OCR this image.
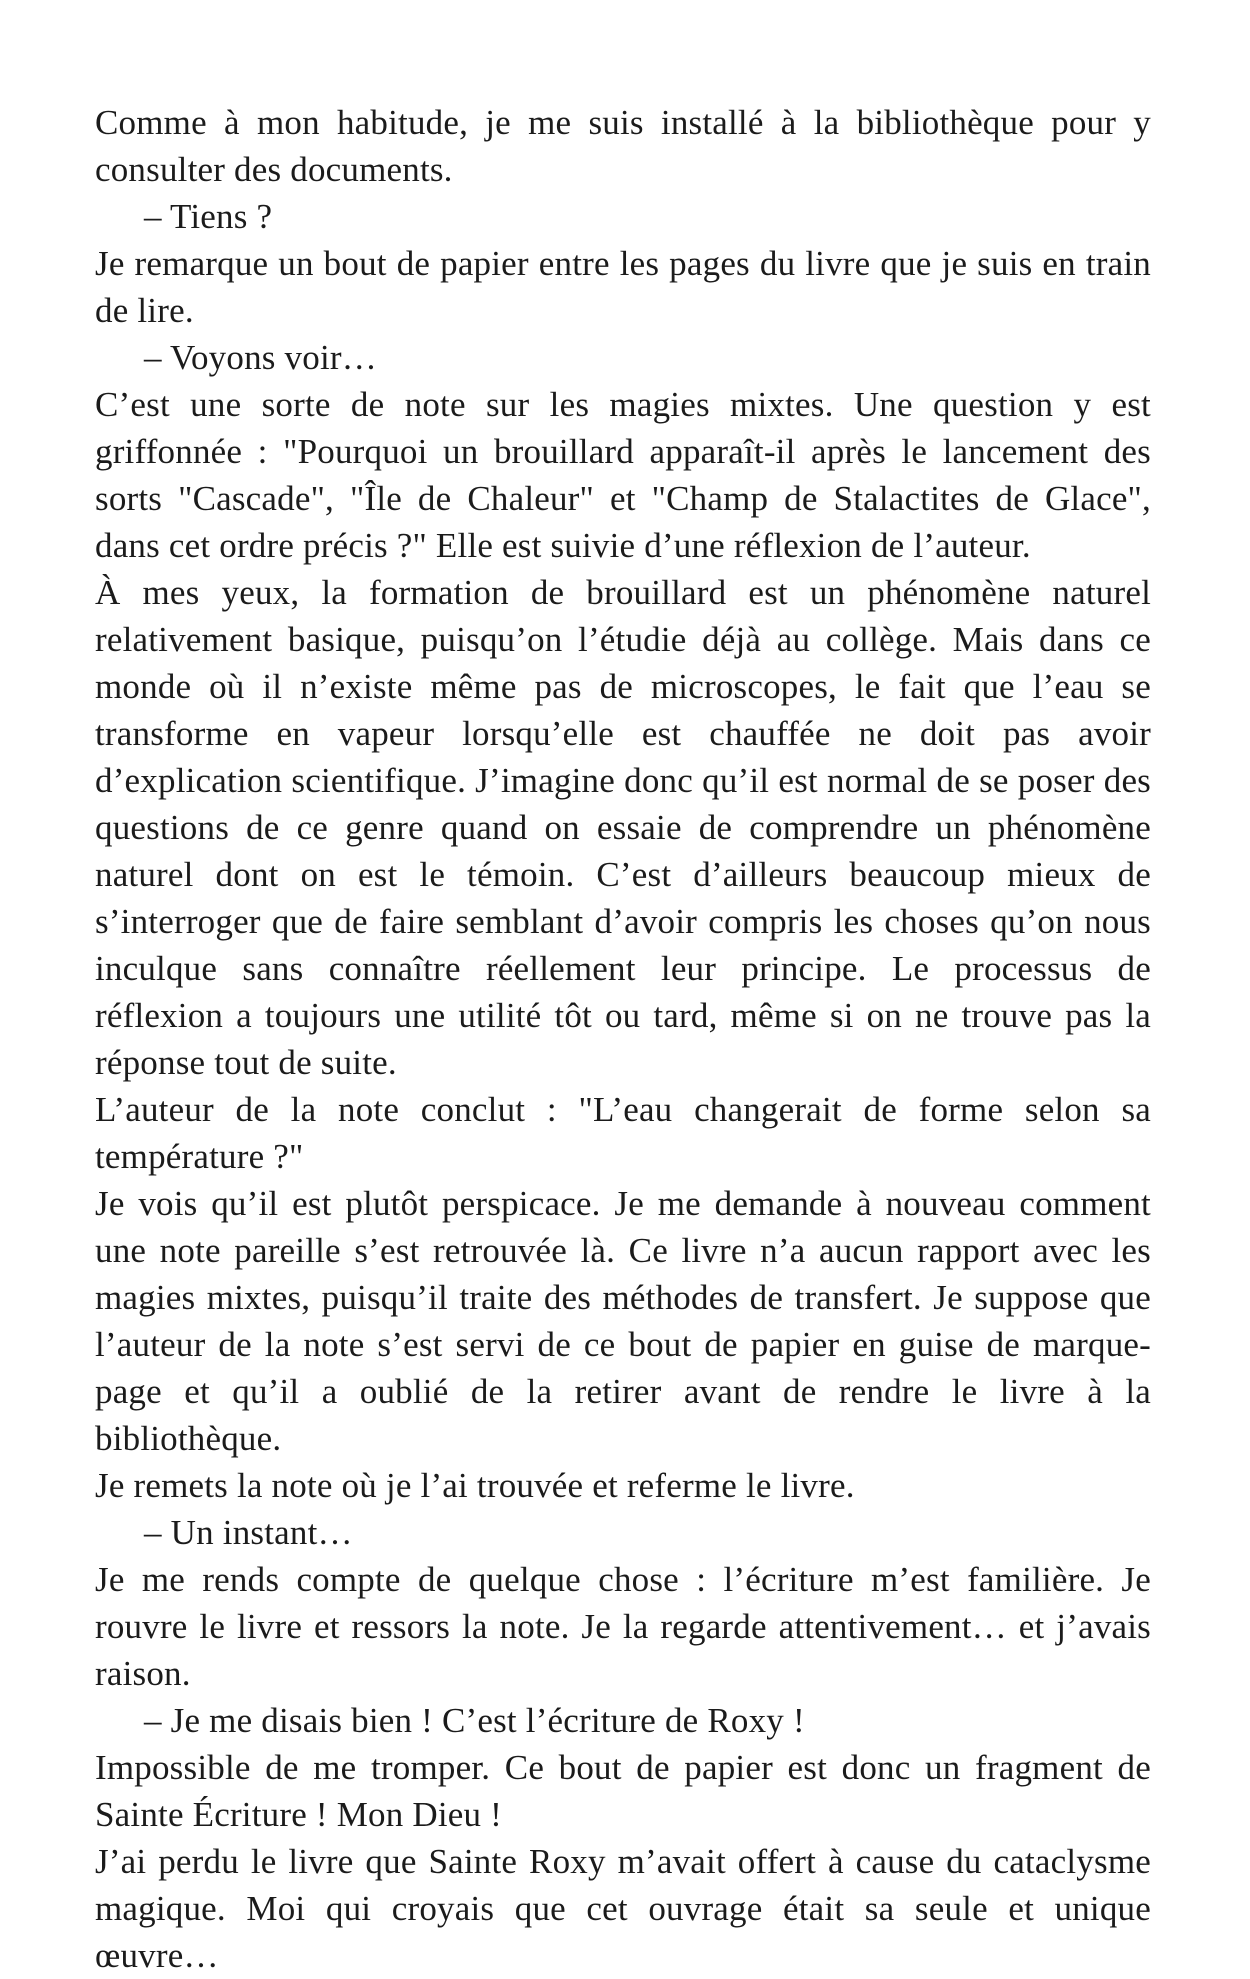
Comme à mon habitude, je me suis installé à la bibliothèque pour y consulter des documents.

– Tiens ?

Je remarque un bout de papier entre les pages du livre que je suis en train de lire.

– Voyons voir…

C’est une sorte de note sur les magies mixtes. Une question y est griffonnée : "Pourquoi un brouillard apparaît-il après le lancement des sorts "Cascade", "Île de Chaleur" et "Champ de Stalactites de Glace", dans cet ordre précis ?" Elle est suivie d’une réflexion de l’auteur.

À mes yeux, la formation de brouillard est un phénomène naturel relativement basique, puisqu’on l’étudie déjà au collège. Mais dans ce monde où il n’existe même pas de microscopes, le fait que l’eau se transforme en vapeur lorsqu’elle est chauffée ne doit pas avoir d’explication scientifique. J’imagine donc qu’il est normal de se poser des questions de ce genre quand on essaie de comprendre un phénomène naturel dont on est le témoin. C’est d’ailleurs beaucoup mieux de s’interroger que de faire semblant d’avoir compris les choses qu’on nous inculque sans connaître réellement leur principe. Le processus de réflexion a toujours une utilité tôt ou tard, même si on ne trouve pas la réponse tout de suite.

L’auteur de la note conclut : "L’eau changerait de forme selon sa température ?"

Je vois qu’il est plutôt perspicace. Je me demande à nouveau comment une note pareille s’est retrouvée là. Ce livre n’a aucun rapport avec les magies mixtes, puisqu’il traite des méthodes de transfert. Je suppose que l’auteur de la note s’est servi de ce bout de papier en guise de marque-page et qu’il a oublié de la retirer avant de rendre le livre à la bibliothèque.

Je remets la note où je l’ai trouvée et referme le livre.

– Un instant…

Je me rends compte de quelque chose : l’écriture m’est familière. Je rouvre le livre et ressors la note. Je la regarde attentivement… et j’avais raison.

– Je me disais bien ! C’est l’écriture de Roxy !

Impossible de me tromper. Ce bout de papier est donc un fragment de Sainte Écriture ! Mon Dieu !

J’ai perdu le livre que Sainte Roxy m’avait offert à cause du cataclysme magique. Moi qui croyais que cet ouvrage était sa seule et unique œuvre…
